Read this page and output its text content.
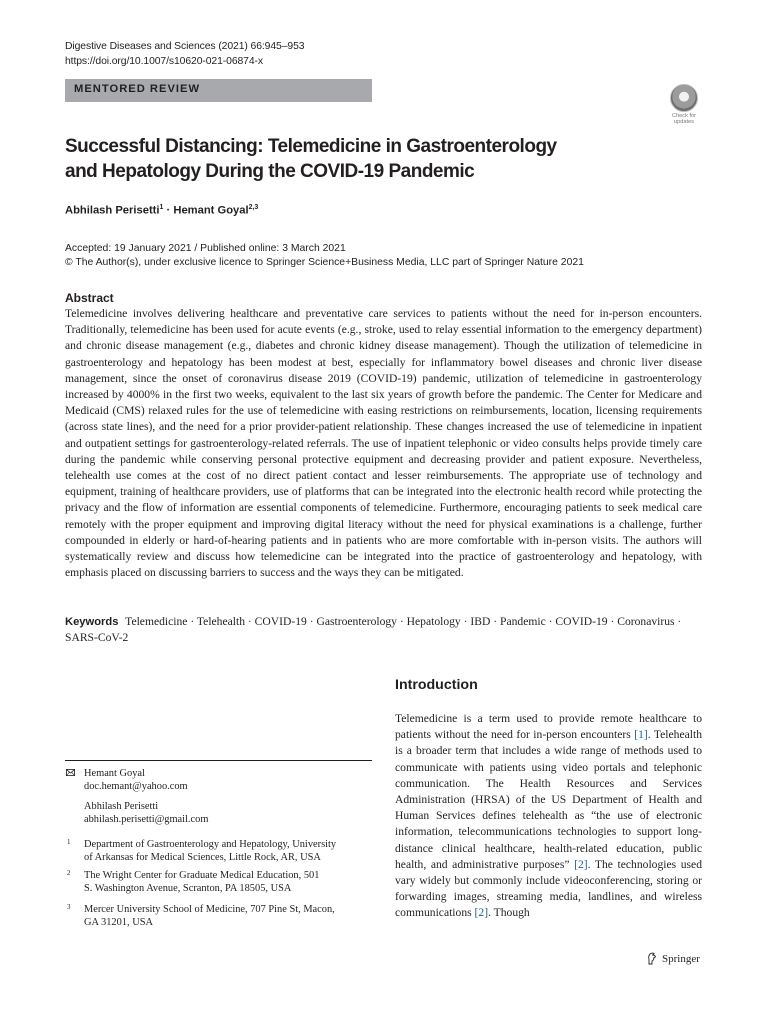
Digestive Diseases and Sciences (2021) 66:945–953
https://doi.org/10.1007/s10620-021-06874-x
MENTORED REVIEW
Check for updates
Successful Distancing: Telemedicine in Gastroenterology
and Hepatology During the COVID-19 Pandemic
Abhilash Perisetti$^1$ · Hemant Goyal$^{2,3}$
Accepted: 19 January 2021 / Published online: 3 March 2021
© The Author(s), under exclusive licence to Springer Science+Business Media, LLC part of Springer Nature 2021
Abstract

Telemedicine involves delivering healthcare and preventative care services to patients without the need for in-person encounters. Traditionally, telemedicine has been used for acute events (e.g., stroke, used to relay essential information to the emergency department) and chronic disease management (e.g., diabetes and chronic kidney disease management). Though the utilization of telemedicine in gastroenterology and hepatology has been modest at best, especially for inflammatory bowel diseases and chronic liver disease management, since the onset of coronavirus disease 2019 (COVID-19) pandemic, utilization of telemedicine in gastroenterology increased by 4000% in the first two weeks, equivalent to the last six years of growth before the pandemic. The Center for Medicare and Medicaid (CMS) relaxed rules for the use of telemedicine with easing restrictions on reimbursements, location, licensing requirements (across state lines), and the need for a prior provider-patient relationship. These changes increased the use of telemedicine in inpatient and outpatient settings for gastroenterology-related referrals. The use of inpatient telephonic or video consults helps provide timely care during the pandemic while conserving personal protective equipment and decreasing provider and patient exposure. Nevertheless, telehealth use comes at the cost of no direct patient contact and lesser reimbursements. The appropriate use of technology and equipment, training of healthcare providers, use of platforms that can be integrated into the electronic health record while protecting the privacy and the flow of information are essential components of telemedicine. Furthermore, encouraging patients to seek medical care remotely with the proper equipment and improving digital literacy without the need for physical examinations is a challenge, further compounded in elderly or hard-of-hearing patients and in patients who are more comfortable with in-person visits. The authors will systematically review and discuss how telemedicine can be integrated into the practice of gastroenterology and hepatology, with emphasis placed on discussing barriers to success and the ways they can be mitigated.

Keywords Telemedicine · Telehealth · COVID-19 · Gastroenterology · Hepatology · IBD · Pandemic · COVID-19 · Coronavirus · SARS-CoV-2
Introduction

Telemedicine is a term used to provide remote healthcare to patients without the need for in-person encounters [1]. Telehealth is a broader term that includes a wide range of methods used to communicate with patients using video portals and telephonic communication. The Health Resources and Services Administration (HRSA) of the US Department of Health and Human Services defines telehealth as “the use of electronic information, telecommunications technologies to support long-distance clinical healthcare, health-related education, public health, and administrative purposes” [2]. The technologies used vary widely but commonly include videoconferencing, storing or forwarding images, streaming media, landlines, and wireless communications [2]. Though

Hemant Goyal
doc.hemant@yahoo.com
Abhilash Perisetti
abhilash.perisetti@gmail.com
1 Department of Gastroenterology and Hepatology, University
of Arkansas for Medical Sciences, Little Rock, AR, USA
2 The Wright Center for Graduate Medical Education, 501
S. Washington Avenue, Scranton, PA 18505, USA
3 Mercer University School of Medicine, 707 Pine St, Macon,
GA 31201, USA
Springer
